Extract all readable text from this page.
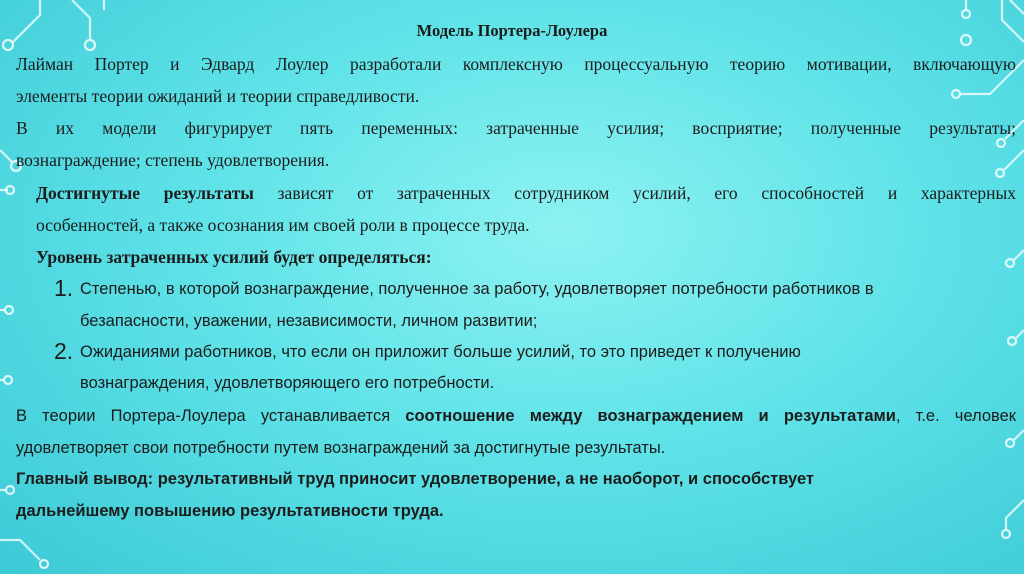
Модель Портера-Лоулера
Лайман Портер и Эдвард Лоулер разработали комплексную процессуальную теорию мотивации, включающую
элементы теории ожиданий и теории справедливости.
В их модели фигурирует пять переменных: затраченные усилия; восприятие; полученные результаты;
вознаграждение; степень удовлетворения.
Достигнутые результаты зависят от затраченных сотрудником усилий, его способностей и характерных
особенностей, а также осознания им своей роли в процессе труда.
Уровень затраченных усилий будет определяться:
1. Степенью, в которой вознаграждение, полученное за работу, удовлетворяет потребности работников в
безапасности, уважении, независимости, личном развитии;
2. Ожиданиями работников, что если он приложит больше усилий, то это приведет к получению
вознаграждения, удовлетворяющего его потребности.
В теории Портера-Лоулера устанавливается соотношение между вознаграждением и результатами, т.е. человек
удовлетворяет свои потребности путем вознаграждений за достигнутые результаты.
Главный вывод: результативный труд приносит удовлетворение, а не наоборот, и способствует
дальнейшему повышению результативности труда.
